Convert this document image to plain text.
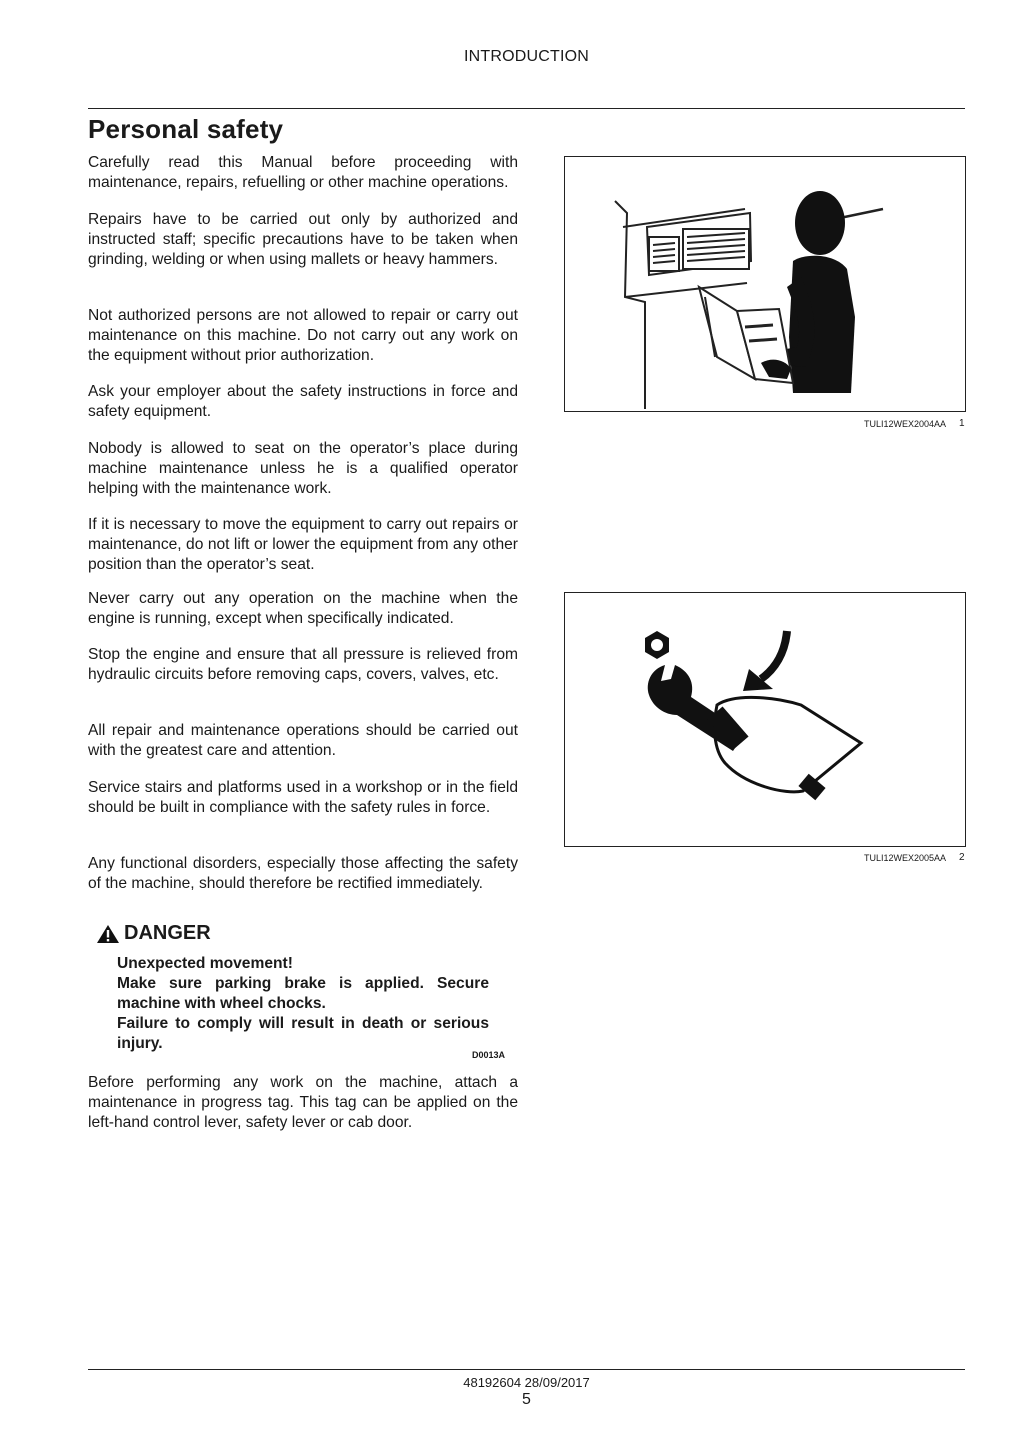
INTRODUCTION
Personal safety

Carefully read this Manual before proceeding with maintenance, repairs, refuelling or other machine operations.

Repairs have to be carried out only by authorized and instructed staff; specific precautions have to be taken when grinding, welding or when using mallets or heavy hammers.

Not authorized persons are not allowed to repair or carry out maintenance on this machine. Do not carry out any work on the equipment without prior authorization.

Ask your employer about the safety instructions in force and safety equipment.

Nobody is allowed to seat on the operator’s place during machine maintenance unless he is a qualified operator helping with the maintenance work.

If it is necessary to move the equipment to carry out repairs or maintenance, do not lift or lower the equipment from any other position than the operator’s seat.

Never carry out any operation on the machine when the engine is running, except when specifically indicated.

Stop the engine and ensure that all pressure is relieved from hydraulic circuits before removing caps, covers, valves, etc.

All repair and maintenance operations should be carried out with the greatest care and attention.

Service stairs and platforms used in a workshop or in the field should be built in compliance with the safety rules in force.

Any functional disorders, especially those affecting the safety of the machine, should therefore be rectified immediately.

DANGER
Unexpected movement!
Make sure parking brake is applied. Secure machine with wheel chocks.
Failure to comply will result in death or serious injury.
D0013A

Before performing any work on the machine, attach a maintenance in progress tag. This tag can be applied on the left-hand control lever, safety lever or cab door.

TULI12WEX2004AA 1
TULI12WEX2005AA 2
48192604 28/09/2017
5
